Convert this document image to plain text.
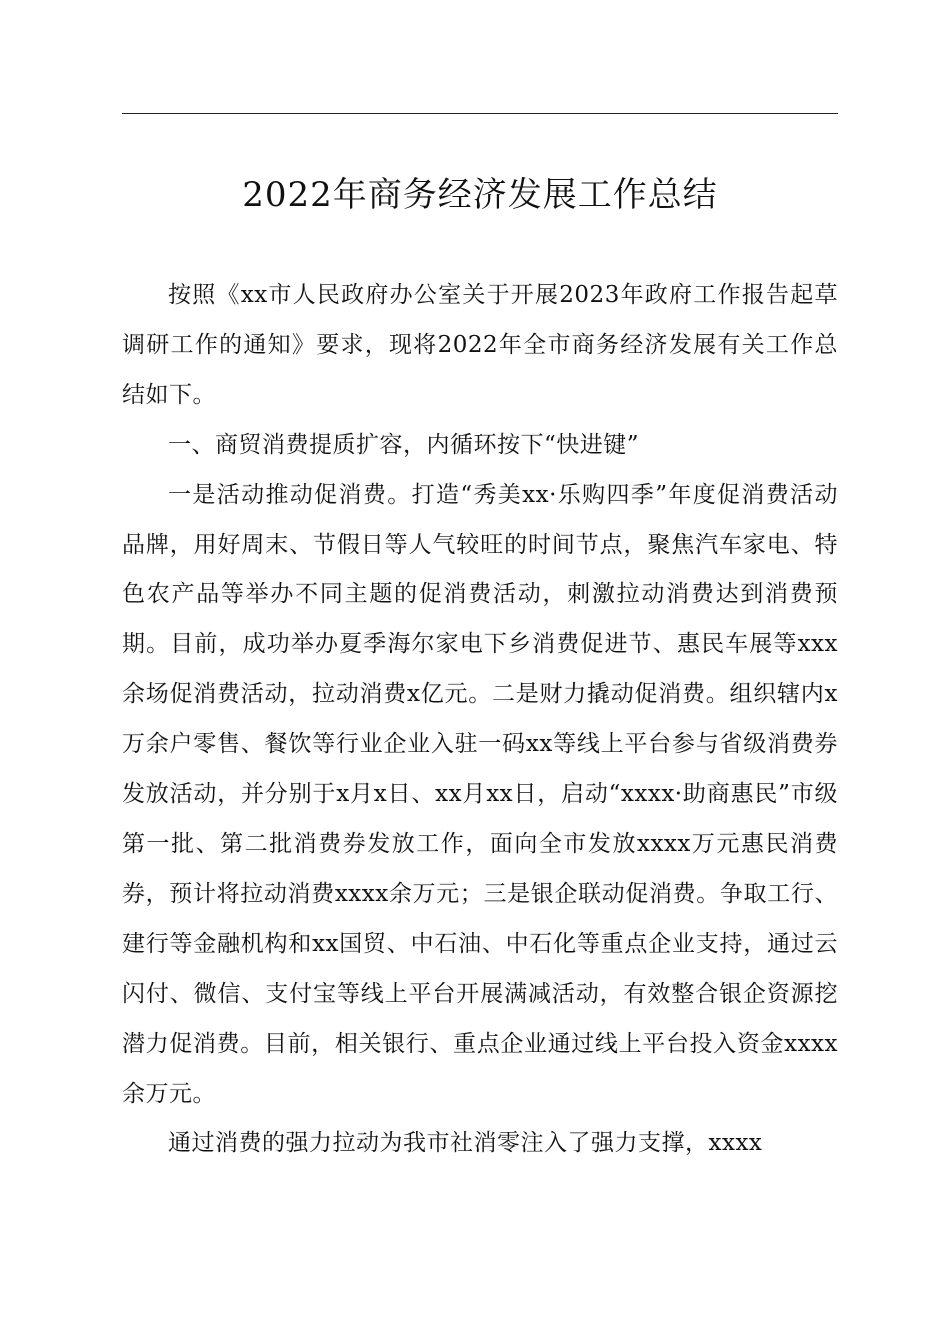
2022年商务经济发展工作总结

按照《xx市人民政府办公室关于开展2023年政府工作报告起草调研工作的通知》要求，现将2022年全市商务经济发展有关工作总结如下。

一、商贸消费提质扩容，内循环按下“快进键”

一是活动推动促消费。打造“秀美xx·乐购四季”年度促消费活动品牌，用好周末、节假日等人气较旺的时间节点，聚焦汽车家电、特色农产品等举办不同主题的促消费活动，刺激拉动消费达到消费预期。目前，成功举办夏季海尔家电下乡消费促进节、惠民车展等xxx余场促消费活动，拉动消费x亿元。二是财力撬动促消费。组织辖内x万余户零售、餐饮等行业企业入驻一码xx等线上平台参与省级消费券发放活动，并分别于x月x日、xx月xx日，启动“xxxx·助商惠民”市级第一批、第二批消费券发放工作，面向全市发放xxxx万元惠民消费券，预计将拉动消费xxxx余万元；三是银企联动促消费。争取工行、建行等金融机构和xx国贸、中石油、中石化等重点企业支持，通过云闪付、微信、支付宝等线上平台开展满减活动，有效整合银企资源挖潜力促消费。目前，相关银行、重点企业通过线上平台投入资金xxxx余万元。

通过消费的强力拉动为我市社消零注入了强力支撑，xxxx
